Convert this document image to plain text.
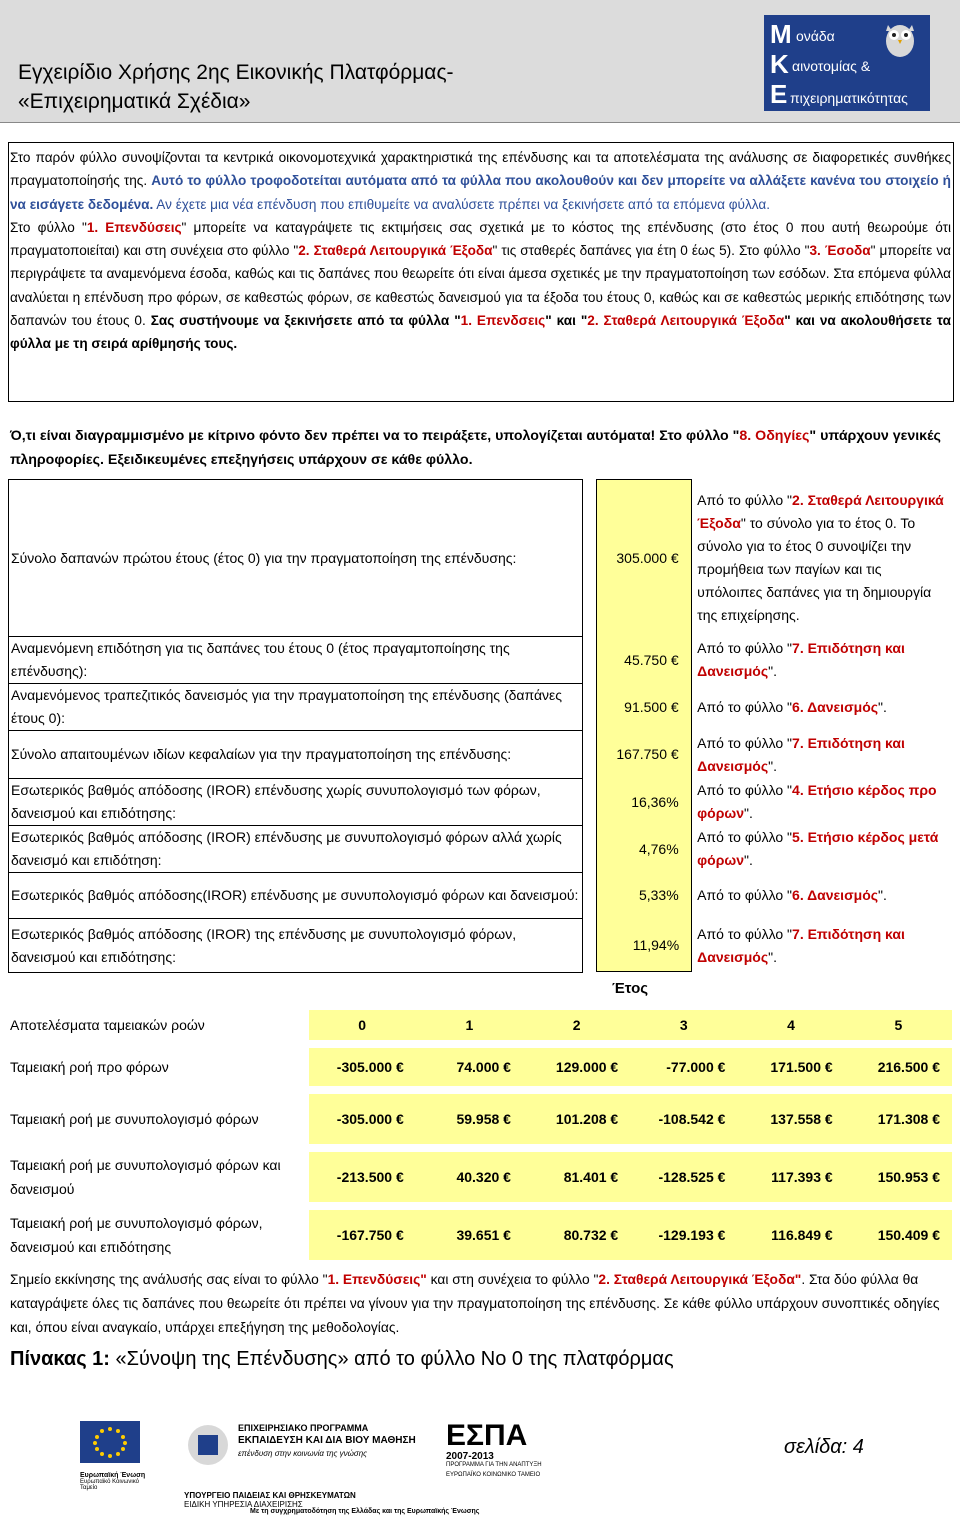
Εγχειρίδιο Χρήσης 2ης Εικονικής Πλατφόρμας-
«Επιχειρηματικά Σχέδια»
M ονάδα
K αινοτομίας &
E πιχειρηματικότητας

Στο παρόν φύλλο συνοψίζονται τα κεντρικά οικονομοτεχνικά χαρακτηριστικά της επένδυσης και τα αποτελέσματα της ανάλυσης σε διαφορετικές συνθήκες πραγματοποίησής της. Αυτό το φύλλο τροφοδοτείται αυτόματα από τα φύλλα που ακολουθούν και δεν μπορείτε να αλλάξετε κανένα του στοιχείο ή να εισάγετε δεδομένα. Αν έχετε μια νέα επένδυση που επιθυμείτε να αναλύσετε πρέπει να ξεκινήσετε από τα επόμενα φύλλα.

Στο φύλλο "1. Επενδύσεις" μπορείτε να καταγράψετε τις εκτιμήσεις σας σχετικά με το κόστος της επένδυσης (στο έτος 0 που αυτή θεωρούμε ότι πραγματοποιείται) και στη συνέχεια στο φύλλο "2. Σταθερά Λειτουργικά Έξοδα" τις σταθερές δαπάνες για έτη 0 έως 5). Στο φύλλο "3. Έσοδα" μπορείτε να περιγράψετε τα αναμενόμενα έσοδα, καθώς και τις δαπάνες που θεωρείτε ότι είναι άμεσα σχετικές με την πραγματοποίηση των εσόδων. Στα επόμενα φύλλα αναλύεται η επένδυση προ φόρων, σε καθεστώς φόρων, σε καθεστώς δανεισμού για τα έξοδα του έτους 0, καθώς και σε καθεστώς μερικής επιδότησης των δαπανών του έτους 0. Σας συστήνουμε να ξεκινήσετε από τα φύλλα "1. Επενδσεις" και "2. Σταθερά Λειτουργικά Έξοδα" και να ακολουθήσετε τα φύλλα με τη σειρά αρίθμησής τους.

Ό,τι είναι διαγραμμισμένο με κίτρινο φόντο δεν πρέπει να το πειράξετε, υπολογίζεται αυτόματα! Στο φύλλο "8. Οδηγίες" υπάρχουν γενικές πληροφορίες. Εξειδικευμένες επεξηγήσεις υπάρχουν σε κάθε φύλλο.

Σύνολο δαπανών πρώτου έτους (έτος 0) για την πραγματοποίηση της επένδυσης:	305.000 €	Από το φύλλο "2. Σταθερά Λειτουργικά Έξοδα" το σύνολο για το έτος 0. Το σύνολο για το έτος 0 συνοψίζει την προμήθεια των παγίων και τις υπόλοιπες δαπάνες για τη δημιουργία της επιχείρησης.
Αναμενόμενη επιδότηση για τις δαπάνες του έτους 0 (έτος πραγαμτοποίησης της επένδυσης):	45.750 €	Από το φύλλο "7. Επιδότηση και Δανεισμός".
Αναμενόμενος τραπεζιτικός δανεισμός για την πραγματοποίηση της επένδυσης (δαπάνες έτους 0):	91.500 €	Από το φύλλο "6. Δανεισμός".
Σύνολο απαιτουμένων ιδίων κεφαλαίων για την πραγματοποίηση της επένδυσης:	167.750 €	Από το φύλλο "7. Επιδότηση και Δανεισμός".
Εσωτερικός βαθμός απόδοσης (IROR) επένδυσης χωρίς συνυπολογισμό των φόρων, δανεισμού και επιδότησης:	16,36%	Από το φύλλο "4. Ετήσιο κέρδος προ φόρων".
Εσωτερικός βαθμός απόδοσης (IROR) επένδυσης με συνυπολογισμό φόρων αλλά χωρίς δανεισμό και επιδότηση:	4,76%	Από το φύλλο "5. Ετήσιο κέρδος μετά φόρων".
Εσωτερικός βαθμός απόδοσης(IROR) επένδυσης με συνυπολογισμό φόρων και δανεισμού:	5,33%	Από το φύλλο "6. Δανεισμός".
Εσωτερικός βαθμός απόδοσης (IROR) της επένδυσης με συνυπολογισμό φόρων, δανεισμού και επιδότησης:	11,94%	Από το φύλλο "7. Επιδότηση και Δανεισμός".
Έτος
Αποτελέσματα ταμειακών ροών	0	1	2	3	4	5

Ταμειακή ροή προ φόρων	-305.000 €	74.000 €	129.000 €	-77.000 €	171.500 €	216.500 €

Ταμειακή ροή με συνυπολογισμό φόρων	-305.000 €	59.958 €	101.208 €	-108.542 €	137.558 €	171.308 €

Ταμειακή ροή με συνυπολογισμό φόρων και δανεισμού	-213.500 €	40.320 €	81.401 €	-128.525 €	117.393 €	150.953 €

Ταμειακή ροή με συνυπολογισμό φόρων, δανεισμού και επιδότησης	-167.750 €	39.651 €	80.732 €	-129.193 €	116.849 €	150.409 €

Σημείο εκκίνησης της ανάλυσής σας είναι το φύλλο "1. Επενδύσεις" και στη συνέχεια το φύλλο "2. Σταθερά Λειτουργικά Έξοδα". Στα δύο φύλλα θα καταγράψετε όλες τις δαπάνες που θεωρείτε ότι πρέπει να γίνουν για την πραγματοποίηση της επένδυσης. Σε κάθε φύλλο υπάρχουν συνοπτικές οδηγίες και, όπου είναι αναγκαίο, υπάρχει επεξήγηση της μεθοδολογίας.

Πίνακας 1: «Σύνοψη της Επένδυσης» από το φύλλο Νο 0 της πλατφόρμας
Ευρωπαϊκή Ένωση
Ευρωπαϊκό Κοινωνικό Ταμείο
ΕΠΙΧΕΙΡΗΣΙΑΚΟ ΠΡΟΓΡΑΜΜΑ
ΕΚΠΑΙΔΕΥΣΗ ΚΑΙ ΔΙΑ ΒΙΟΥ ΜΑΘΗΣΗ
επένδυση στην κοινωνία της γνώσης
ΥΠΟΥΡΓΕΙΟ ΠΑΙΔΕΙΑΣ ΚΑΙ ΘΡΗΣΚΕΥΜΑΤΩΝ
ΕΙΔΙΚΗ ΥΠΗΡΕΣΙΑ ΔΙΑΧΕΙΡΙΣΗΣ
ΕΣΠΑ
2007-2013
ΠΡΟΓΡΑΜΜΑ ΓΙΑ ΤΗΝ ΑΝΑΠΤΥΞΗ
ΕΥΡΩΠΑΪΚΟ ΚΟΙΝΩΝΙΚΟ ΤΑΜΕΙΟ
Με τη συγχρηματοδότηση της Ελλάδας και της Ευρωπαϊκής Ένωσης
σελίδα: 4
